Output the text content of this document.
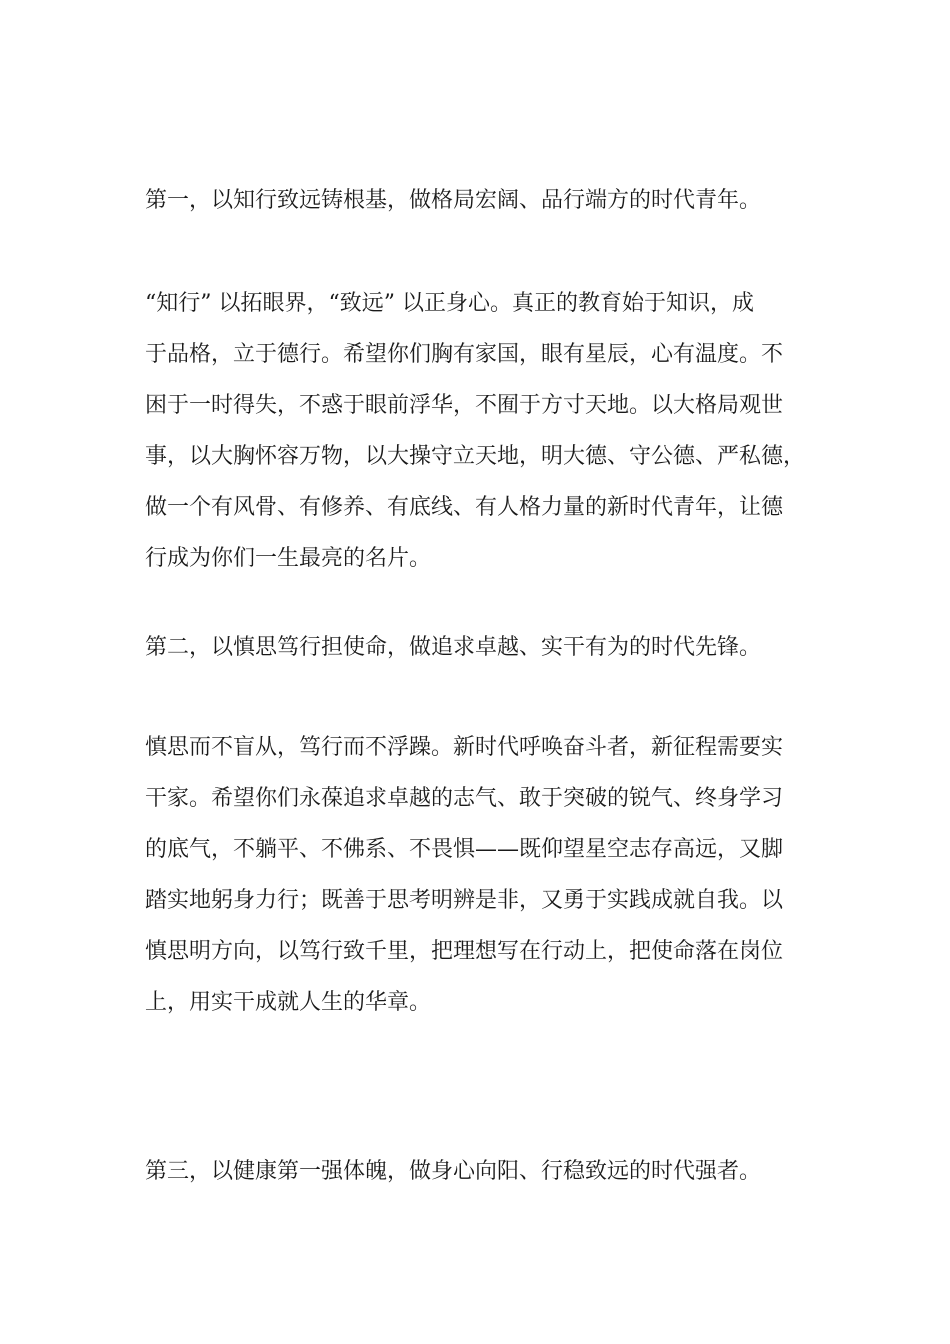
第一，以知行致远铸根基，做格局宏阔、品行端方的时代青年。

“知行” 以拓眼界，“致远” 以正身心。真正的教育始于知识，成

于品格，立于德行。希望你们胸有家国，眼有星辰，心有温度。不

困于一时得失，不惑于眼前浮华，不囿于方寸天地。以大格局观世

事，以大胸怀容万物，以大操守立天地，明大德、守公德、严私德，

做一个有风骨、有修养、有底线、有人格力量的新时代青年，让德

行成为你们一生最亮的名片。

第二，以慎思笃行担使命，做追求卓越、实干有为的时代先锋。

慎思而不盲从，笃行而不浮躁。新时代呼唤奋斗者，新征程需要实

干家。希望你们永葆追求卓越的志气、敢于突破的锐气、终身学习

的底气，不躺平、不佛系、不畏惧——既仰望星空志存高远，又脚

踏实地躬身力行；既善于思考明辨是非，又勇于实践成就自我。以

慎思明方向，以笃行致千里，把理想写在行动上，把使命落在岗位

上，用实干成就人生的华章。

第三，以健康第一强体魄，做身心向阳、行稳致远的时代强者。
